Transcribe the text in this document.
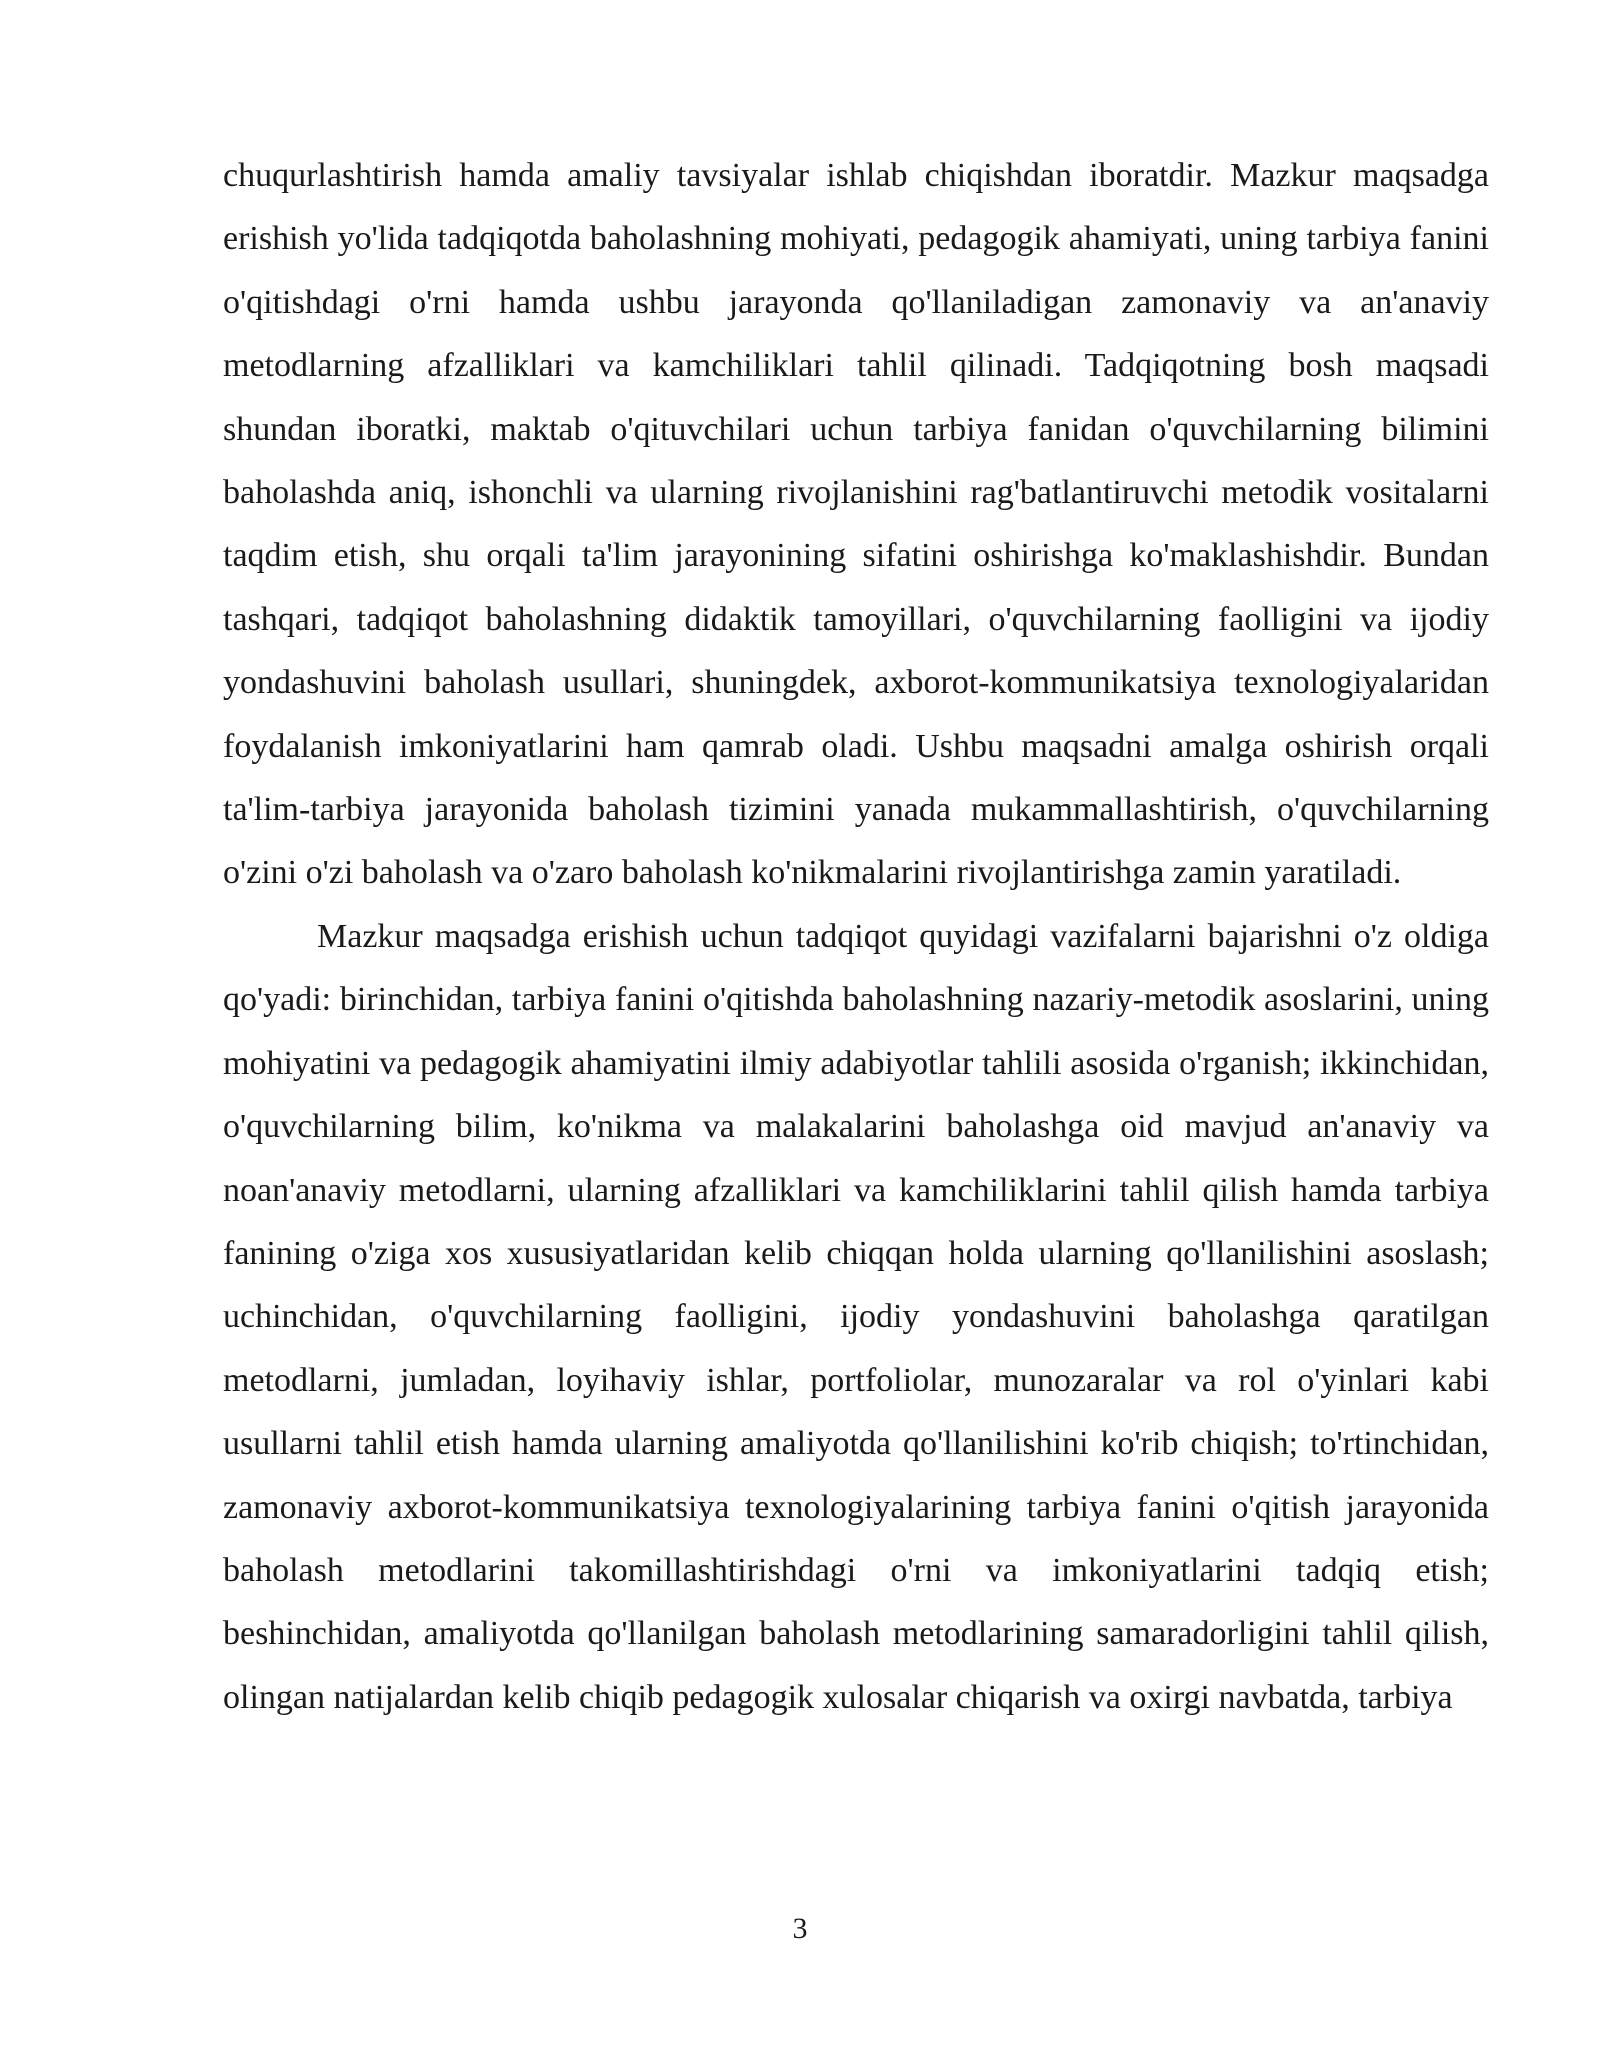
chuqurlashtirish hamda amaliy tavsiyalar ishlab chiqishdan iboratdir. Mazkur maqsadga erishish yo'lida tadqiqotda baholashning mohiyati, pedagogik ahamiyati, uning tarbiya fanini o'qitishdagi o'rni hamda ushbu jarayonda qo'llaniladigan zamonaviy va an'anaviy metodlarning afzalliklari va kamchiliklari tahlil qilinadi. Tadqiqotning bosh maqsadi shundan iboratki, maktab o'qituvchilari uchun tarbiya fanidan o'quvchilarning bilimini baholashda aniq, ishonchli va ularning rivojlanishini rag'batlantiruvchi metodik vositalarni taqdim etish, shu orqali ta'lim jarayonining sifatini oshirishga ko'maklashishdir. Bundan tashqari, tadqiqot baholashning didaktik tamoyillari, o'quvchilarning faolligini va ijodiy yondashuvini baholash usullari, shuningdek, axborot-kommunikatsiya texnologiyalaridan foydalanish imkoniyatlarini ham qamrab oladi. Ushbu maqsadni amalga oshirish orqali ta'lim-tarbiya jarayonida baholash tizimini yanada mukammallashtirish, o'quvchilarning o'zini o'zi baholash va o'zaro baholash ko'nikmalarini rivojlantirishga zamin yaratiladi.

Mazkur maqsadga erishish uchun tadqiqot quyidagi vazifalarni bajarishni o'z oldiga qo'yadi: birinchidan, tarbiya fanini o'qitishda baholashning nazariy-metodik asoslarini, uning mohiyatini va pedagogik ahamiyatini ilmiy adabiyotlar tahlili asosida o'rganish; ikkinchidan, o'quvchilarning bilim, ko'nikma va malakalarini baholashga oid mavjud an'anaviy va noan'anaviy metodlarni, ularning afzalliklari va kamchiliklarini tahlil qilish hamda tarbiya fanining o'ziga xos xususiyatlaridan kelib chiqqan holda ularning qo'llanilishini asoslash; uchinchidan, o'quvchilarning faolligini, ijodiy yondashuvini baholashga qaratilgan metodlarni, jumladan, loyihaviy ishlar, portfoliolar, munozaralar va rol o'yinlari kabi usullarni tahlil etish hamda ularning amaliyotda qo'llanilishini ko'rib chiqish; to'rtinchidan, zamonaviy axborot-kommunikatsiya texnologiyalarining tarbiya fanini o'qitish jarayonida baholash metodlarini takomillashtirishdagi o'rni va imkoniyatlarini tadqiq etish; beshinchidan, amaliyotda qo'llanilgan baholash metodlarining samaradorligini tahlil qilish, olingan natijalardan kelib chiqib pedagogik xulosalar chiqarish va oxirgi navbatda, tarbiya

3
